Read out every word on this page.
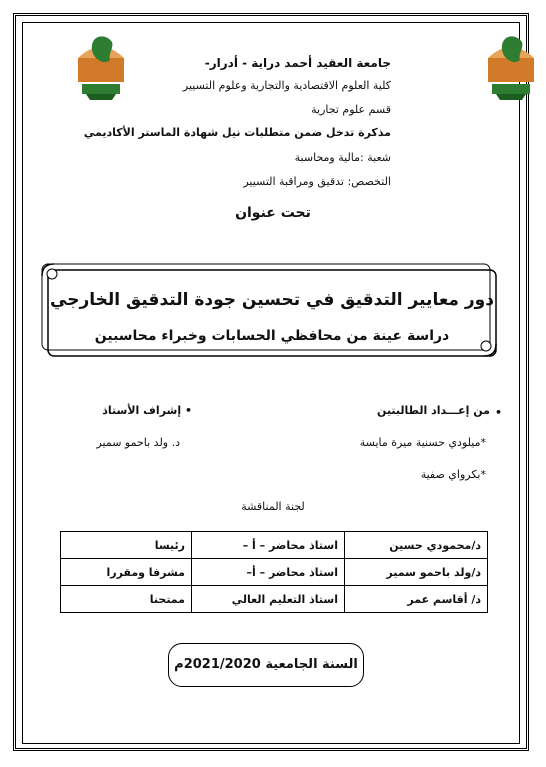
جامعة العقيد أحمد دراية - أدرار-
كلية العلوم الاقتصادية والتجارية وعلوم التسيير
قسم علوم تجارية
مذكرة تدخل ضمن متطلبات نيل شهادة الماستر الأكاديمي
شعبة :مالية ومحاسبة
التخصص: تدقيق ومراقبة التسيير
تحت عنوان
دور معايير التدقيق في تحسين جودة التدقيق الخارجي
دراسة عينة من محافظي الحسابات وخبراء محاسبين
•
من إعـــداد الطالبتين
*ميلودي حسنية ميرة مايسة
*بكرواي صفية
• إشراف الأستاذ
د. ولد باحمو سمير
لجنة المناقشة
د/محمودي حسين	استاذ محاضر – أ –	رئيسا
د/ولد باحمو سمير	استاذ محاضر – أ–	مشرفا ومقررا
د/ أقاسم عمر	استاذ التعليم العالي	ممتحنا
السنة الجامعية 2021/2020م
